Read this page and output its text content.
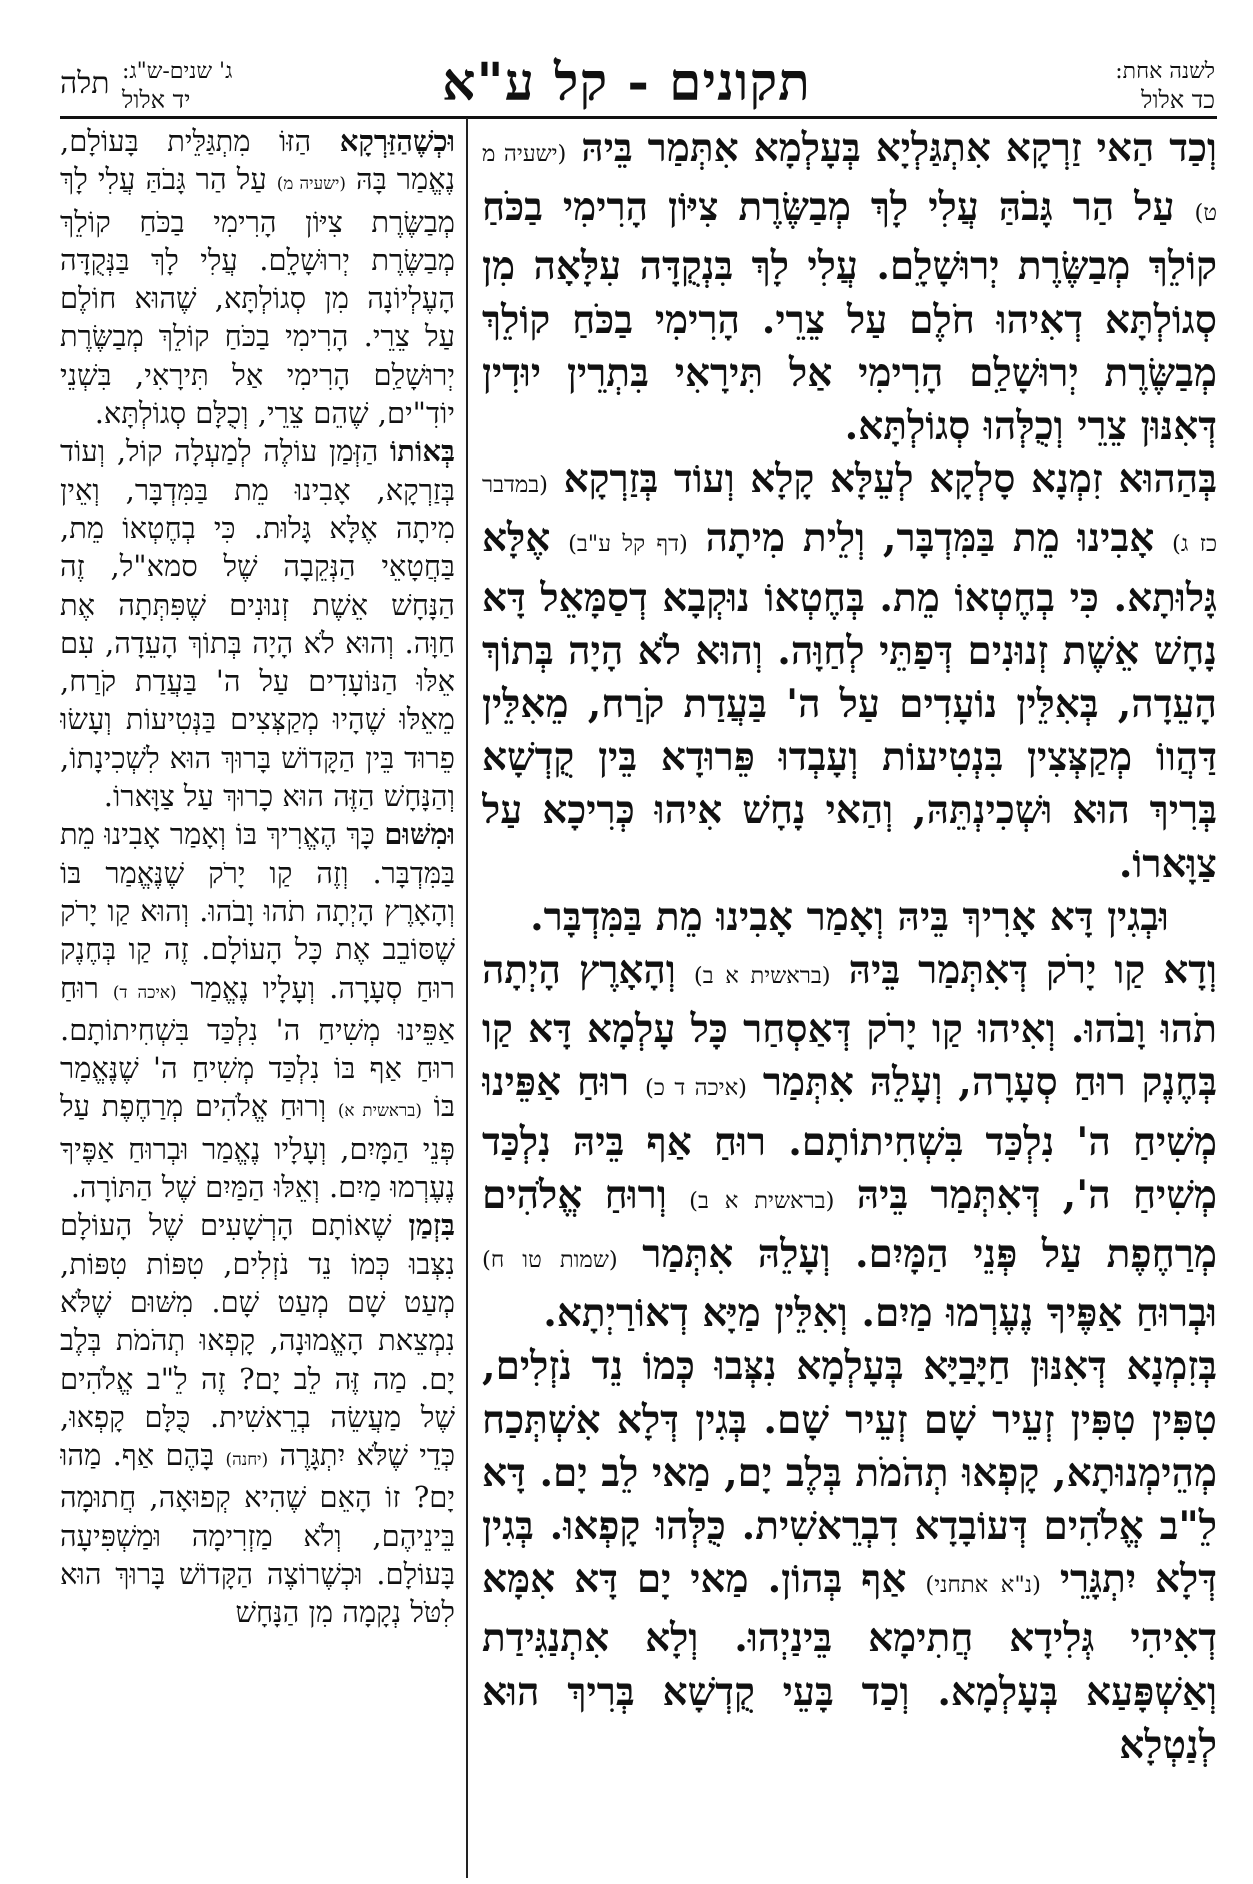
לשנה אחת:
כד אלול
תקונים - קל ע"א
ג' שנים-ש"ג:
יד אלול
תלה

וְכַד הַאי זַרְקָא אִתְגַּלְיָא בְּעָלְמָא אִתְּמַר בֵּיהּ (ישעיה מ ט) עַל הַר גָּבֹהַּ עֲלִי לָךְ מְבַשֶּׂרֶת צִיּוֹן הָרִימִי בַכֹּחַ קוֹלֵךְ מְבַשֶּׂרֶת יְרוּשָׁלִָם. עֲלִי לָךְ בִּנְקֻדָּה עִלָּאָה מִן סְגוֹלְתָּא דְאִיהוּ חֹלֶם עַל צֵרֵי. הָרִימִי בַכֹּחַ קוֹלֵךְ מְבַשֶּׂרֶת יְרוּשָׁלִַם הָרִימִי אַל תִּירָאִי בִּתְרֵין יוּדִין דְּאִנּוּן צֵרֵי וְכֻלְּהוּ סְגוֹלְתָּא.

בְּהַהוּא זִמְנָא סָלְקָא לְעֵלָּא קָלָא וְעוֹד בְּזַרְקָא (במדבר כז ג) אָבִינוּ מֵת בַּמִּדְבָּר, וְלֵית מִיתָה (דף קל ע"ב) אֶלָּא גָּלוּתָא. כִּי בְחֶטְאוֹ מֵת. בְּחֶטְאוֹ נוּקְבָא דְסַמָּאֵל דָּא נָחָשׁ אֵשֶׁת זְנוּנִים דְּפַתֵּי לְחַוָּה. וְהוּא לֹא הָיָה בְּתוֹךְ הָעֵדָה, בְּאִלֵּין נוֹעָדִים עַל ה' בַּעֲדַת קֹרַח, מֵאִלֵּין דַּהֲווֹ מְקַצְּצִין בִּנְטִיעוֹת וְעָבְדוּ פֵּרוּדָא בֵּין קֻדְשָׁא בְּרִיךְ הוּא וּשְׁכִינְתֵּהּ, וְהַאי נָחָשׁ אִיהוּ כְּרִיכָא עַל צַוָּארוֹ.

וּבְגִין דָּא אָרִיךְ בֵּיהּ וְאָמַר אָבִינוּ מֵת בַּמִּדְבָּר.

וְדָא קַו יָרֹק דְּאִתְּמַר בֵּיהּ (בראשית א ב) וְהָאָרֶץ הָיְתָה תֹהוּ וָבֹהוּ. וְאִיהוּ קַו יָרֹק דְּאַסְחַר כָּל עָלְמָא דָּא קַו בְּחֶנֶק רוּחַ סְעָרָה, וְעָלֵהּ אִתְּמַר (איכה ד כ) רוּחַ אַפֵּינוּ מְשִׁיחַ ה' נִלְכַּד בִּשְׁחִיתוֹתָם. רוּחַ אַף בֵּיהּ נִלְכַּד מְשִׁיחַ ה', דְּאִתְּמַר בֵּיהּ (בראשית א ב) וְרוּחַ אֱלֹהִים מְרַחֶפֶת עַל פְּנֵי הַמָּיִם. וְעָלֵהּ אִתְּמַר (שמות טו ח) וּבְרוּחַ אַפֶּיךָ נֶעֶרְמוּ מַיִם. וְאִלֵּין מַיָּא דְאוֹרַיְתָא.

בְּזִמְנָא דְּאִנּוּן חַיָּבַיָּא בְּעָלְמָא נִצְּבוּ כְּמוֹ נֵד נֹזְלִים, טִפִּין טִפִּין זְעֵיר שָׁם זְעֵיר שָׁם. בְּגִין דְּלָא אִשְׁתְּכַח מְהֵימְנוּתָא, קָפְאוּ תְהֹמֹת בְּלֶב יָם, מַאי לֵב יָם. דָּא לֵ"ב אֱלֹהִים דְּעוֹבָדָא דִבְרֵאשִׁית. כֻּלְּהוּ קָפְאוּ. בְּגִין דְּלָא יִתְגָּרֵי (נ"א אתחני) אַף בְּהוֹן. מַאי יָם דָּא אִמָּא דְאִיהִי גְּלִידָא חֲתִימָא בֵּינַיְהוּ. וְלָא אִתְנַגִּידַת וְאַשְׁפָּעַא בְּעָלְמָא. וְכַד בָּעֵי קֻדְשָׁא בְּרִיךְ הוּא לְנַטְלָא

וּכְשֶׁהַזַּרְקָא הַזּוֹ מִתְגַּלֵּית בָּעוֹלָם, נֶאֱמַר בָּהּ (ישעיה מ) עַל הַר גָּבֹהַּ עֲלִי לָךְ מְבַשֶּׂרֶת צִיּוֹן הָרִימִי בַכֹּחַ קוֹלֵךְ מְבַשֶּׂרֶת יְרוּשָׁלִָם. עֲלִי לָךְ בַּנְּקֻדָּה הָעֶלְיוֹנָה מִן סְגוֹלְתָּא, שֶׁהוּא חוֹלֶם עַל צֵרֵי. הָרִימִי בַכֹּחַ קוֹלֵךְ מְבַשֶּׂרֶת יְרוּשָׁלִַם הָרִימִי אַל תִּירָאִי, בִּשְׁנֵי יוֹדִ"ים, שֶׁהֵם צֵרֵי, וְכֻלָּם סְגוֹלְתָּא.

בְּאוֹתוֹ הַזְּמַן עוֹלֶה לְמַעְלָה קוֹל, וְעוֹד בְּזַרְקָא, אָבִינוּ מֵת בַּמִּדְבָּר, וְאֵין מִיתָה אֶלָּא גָּלוּת. כִּי בְחֶטְאוֹ מֵת, בַּחֲטָאֵי הַנְּקֵבָה שֶׁל סמא"ל, זֶה הַנָּחָשׁ אֵשֶׁת זְנוּנִים שֶׁפִּתְּתָה אֶת חַוָּה. וְהוּא לֹא הָיָה בְּתוֹךְ הָעֵדָה, עִם אֵלּוּ הַנּוֹעָדִים עַל ה' בַּעֲדַת קֹרַח, מֵאֵלּוּ שֶׁהָיוּ מְקַצְּצִים בַּנְּטִיעוֹת וְעָשׂוּ פֵרוּד בֵּין הַקָּדוֹשׁ בָּרוּךְ הוּא לִשְׁכִינָתוֹ, וְהַנָּחָשׁ הַזֶּה הוּא כָרוּךְ עַל צַוָּארוֹ.

וּמִשּׁוּם כָּךְ הֶאֱרִיךְ בּוֹ וְאָמַר אָבִינוּ מֵת בַּמִּדְבָּר. וְזֶה קַו יָרֹק שֶׁנֶּאֱמַר בּוֹ וְהָאָרֶץ הָיְתָה תֹהוּ וָבֹהוּ. וְהוּא קַו יָרֹק שֶׁסּוֹבֵב אֶת כָּל הָעוֹלָם. זֶה קַו בְּחֶנֶק רוּחַ סְעָרָה. וְעָלָיו נֶאֱמַר (איכה ד) רוּחַ אַפֵּינוּ מְשִׁיחַ ה' נִלְכַּד בִּשְׁחִיתוֹתָם. רוּחַ אַף בּוֹ נִלְכַּד מְשִׁיחַ ה' שֶׁנֶּאֱמַר בּוֹ (בראשית א) וְרוּחַ אֱלֹהִים מְרַחֶפֶת עַל פְּנֵי הַמָּיִם, וְעָלָיו נֶאֱמַר וּבְרוּחַ אַפֶּיךָ נֶעֶרְמוּ מַיִם. וְאֵלּוּ הַמַּיִם שֶׁל הַתּוֹרָה.

בִּזְמַן שֶׁאוֹתָם הָרְשָׁעִים שֶׁל הָעוֹלָם נִצְּבוּ כְּמוֹ נֵד נֹזְלִים, טִפּוֹת טִפּוֹת, מְעַט שָׁם מְעַט שָׁם. מִשּׁוּם שֶׁלֹּא נִמְצֵאת הָאֱמוּנָה, קָפְאוּ תְהֹמֹת בְּלֶב יָם. מַה זֶּה לֵב יָם? זֶה לֵ"ב אֱלֹהִים שֶׁל מַעֲשֵׂה בְרֵאשִׁית. כֻּלָּם קָפְאוּ, כְּדֵי שֶׁלֹּא יִתְגָּרֶה (יחנה) בָּהֶם אַף. מַהוּ יָם? זוֹ הָאֵם שֶׁהִיא קְפוּאָה, חֲתוּמָה בֵּינֵיהֶם, וְלֹא מַזְרִימָה וּמַשְׁפִּיעָה בָּעוֹלָם. וּכְשֶׁרוֹצֶה הַקָּדוֹשׁ בָּרוּךְ הוּא לִטֹּל נְקָמָה מִן הַנָּחָשׁ
